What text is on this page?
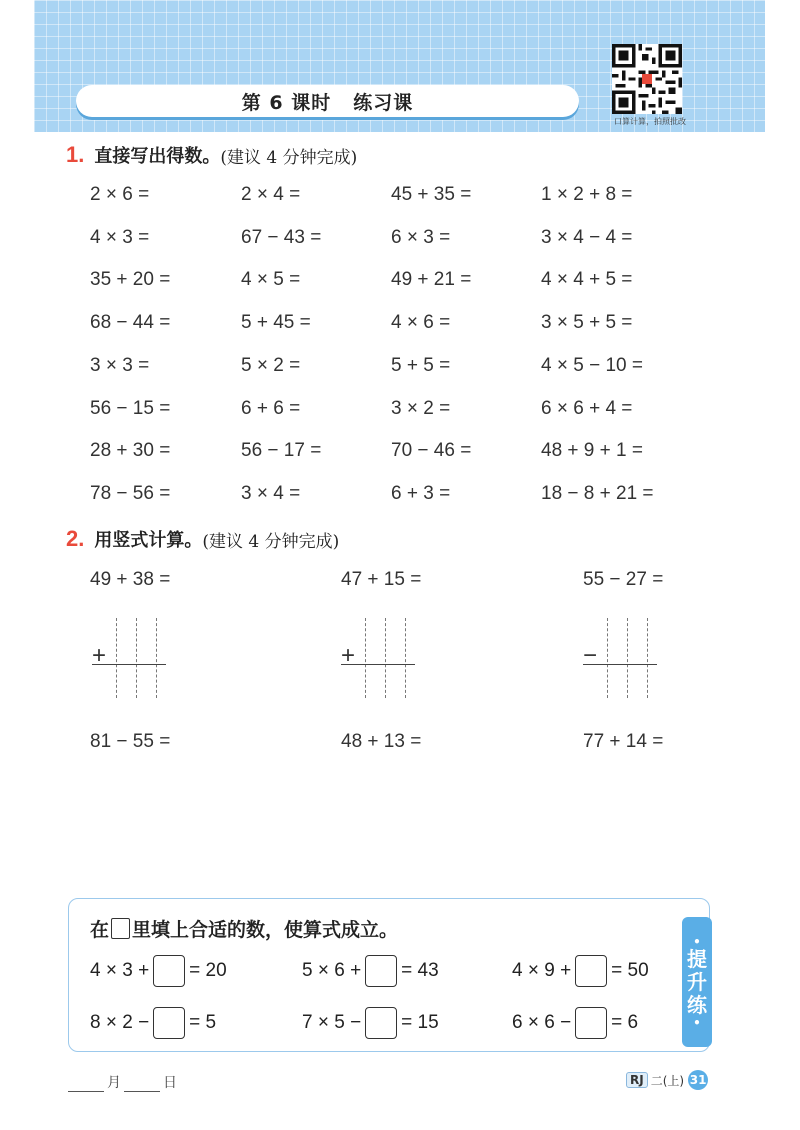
第 6 课时 练习课
口算计算，拍照批改
1. 直接写出得数。 (建议 4 分钟完成)
2 × 6 =	2 × 4 =	45 + 35 =	1 × 2 + 8 =
4 × 3 =	67 − 43 =	6 × 3 =	3 × 4 − 4 =
35 + 20 =	4 × 5 =	49 + 21 =	4 × 4 + 5 =
68 − 44 =	5 + 45 =	4 × 6 =	3 × 5 + 5 =
3 × 3 =	5 × 2 =	5 + 5 =	4 × 5 − 10 =
56 − 15 =	6 + 6 =	3 × 2 =	6 × 6 + 4 =
28 + 30 =	56 − 17 =	70 − 46 =	48 + 9 + 1 =
78 − 56 =	3 × 4 =	6 + 3 =	18 − 8 + 21 =
2. 用竖式计算。 (建议 4 分钟完成)
49 + 38 =	47 + 15 =	55 − 27 =
+	+	−
81 − 55 =	48 + 13 =	77 + 14 =
在 里填上合适的数，使算式成立。
4 × 3 + = 20	5 × 6 + = 43	4 × 9 + = 50
8 × 2 − = 5	7 × 5 − = 15	6 × 6 − = 6
•
提
升
练
•
月	日	RJ 二(上) 31
